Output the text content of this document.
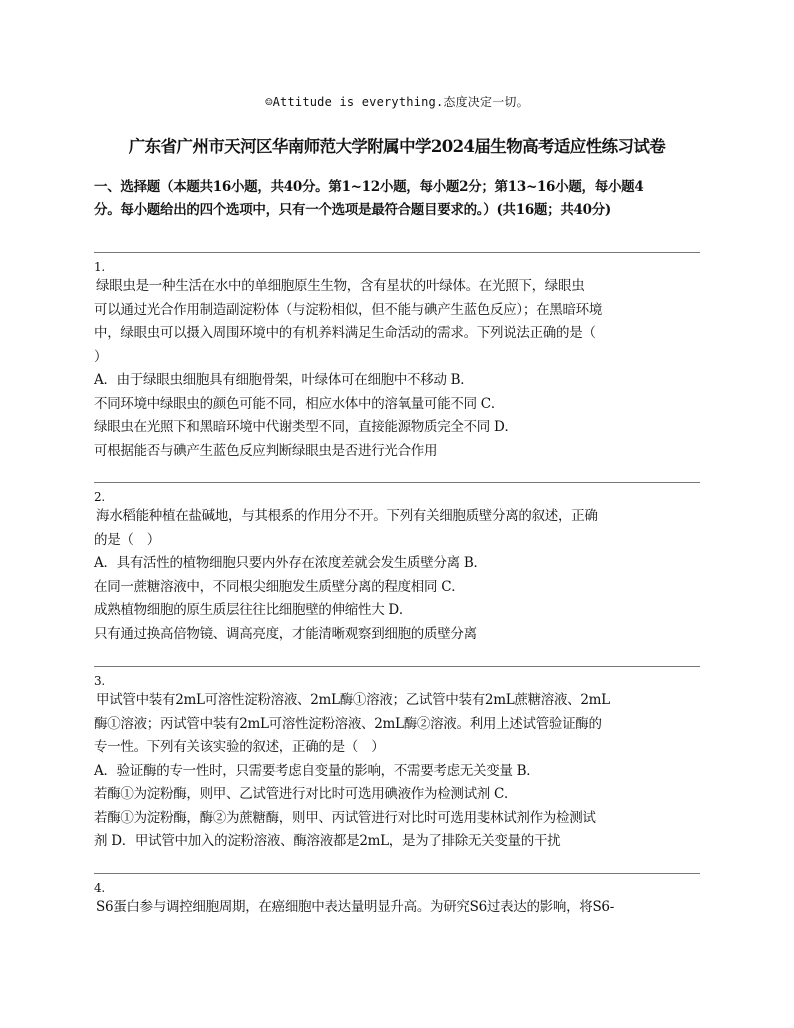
☺Attitude is everything.态度决定一切。
广东省广州市天河区华南师范大学附属中学2024届生物高考适应性练习试卷
一、选择题（本题共16小题，共40分。第1~12小题，每小题2分；第13~16小题，每小题4
分。每小题给出的四个选项中，只有一个选项是最符合题目要求的。）(共16题；共40分)
1.
绿眼虫是一种生活在水中的单细胞原生生物，含有星状的叶绿体。在光照下，绿眼虫
可以通过光合作用制造副淀粉体（与淀粉相似，但不能与碘产生蓝色反应）；在黑暗环境
中，绿眼虫可以摄入周围环境中的有机养料满足生命活动的需求。下列说法正确的是（
）
A．由于绿眼虫细胞具有细胞骨架，叶绿体可在细胞中不移动 B．
不同环境中绿眼虫的颜色可能不同，相应水体中的溶氧量可能不同 C．
绿眼虫在光照下和黑暗环境中代谢类型不同，直接能源物质完全不同 D．
可根据能否与碘产生蓝色反应判断绿眼虫是否进行光合作用
2.
海水稻能种植在盐碱地，与其根系的作用分不开。下列有关细胞质壁分离的叙述，正确
的是（　）
A．具有活性的植物细胞只要内外存在浓度差就会发生质壁分离 B．
在同一蔗糖溶液中，不同根尖细胞发生质壁分离的程度相同 C．
成熟植物细胞的原生质层往往比细胞壁的伸缩性大 D．
只有通过换高倍物镜、调高亮度，才能清晰观察到细胞的质壁分离
3.
甲试管中装有2mL可溶性淀粉溶液、2mL酶①溶液；乙试管中装有2mL蔗糖溶液、2mL
酶①溶液；丙试管中装有2mL可溶性淀粉溶液、2mL酶②溶液。利用上述试管验证酶的
专一性。下列有关该实验的叙述，正确的是（　）
A．验证酶的专一性时，只需要考虑自变量的影响，不需要考虑无关变量 B．
若酶①为淀粉酶，则甲、乙试管进行对比时可选用碘液作为检测试剂 C．
若酶①为淀粉酶，酶②为蔗糖酶，则甲、丙试管进行对比时可选用斐林试剂作为检测试
剂 D．甲试管中加入的淀粉溶液、酶溶液都是2mL，是为了排除无关变量的干扰
4.
S6蛋白参与调控细胞周期，在癌细胞中表达量明显升高。为研究S6过表达的影响，将S6-
